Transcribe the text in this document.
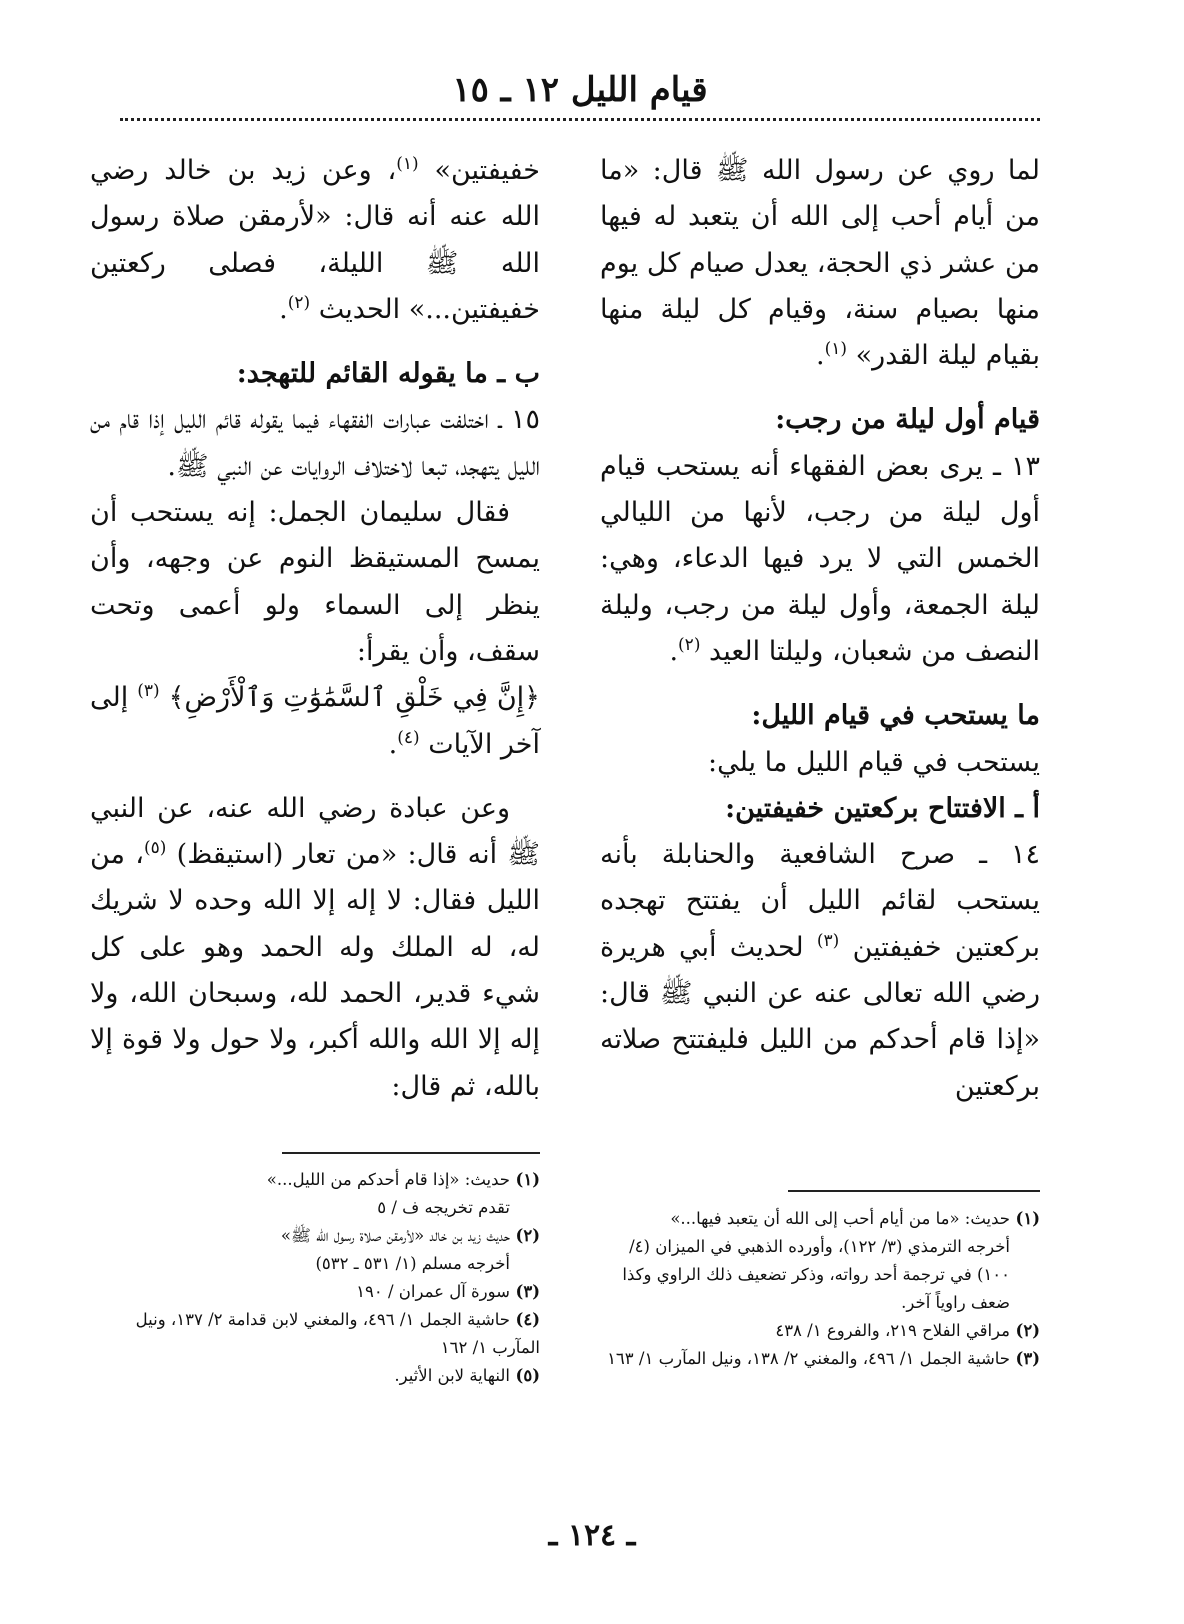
قيام الليل ١٢ ـ ١٥

لما روي عن رسول الله ﷺ قال: «ما من أيام أحب إلى الله أن يتعبد له فيها من عشر ذي الحجة، يعدل صيام كل يوم منها بصيام سنة، وقيام كل ليلة منها بقيام ليلة القدر» $^{(١)}$.

قيام أول ليلة من رجب:

١٣ ـ يرى بعض الفقهاء أنه يستحب قيام أول ليلة من رجب، لأنها من الليالي الخمس التي لا يرد فيها الدعاء، وهي: ليلة الجمعة، وأول ليلة من رجب، وليلة النصف من شعبان، وليلتا العيد $^{(٢)}$.

ما يستحب في قيام الليل:

يستحب في قيام الليل ما يلي:

أ ـ الافتتاح بركعتين خفيفتين:

١٤ ـ صرح الشافعية والحنابلة بأنه يستحب لقائم الليل أن يفتتح تهجده بركعتين خفيفتين $^{(٣)}$ لحديث أبي هريرة رضي الله تعالى عنه عن النبي ﷺ قال: «إذا قام أحدكم من الليل فليفتتح صلاته بركعتين

خفيفتين» $^{(١)}$، وعن زيد بن خالد رضي الله عنه أنه قال: «لأرمقن صلاة رسول الله ﷺ الليلة، فصلى ركعتين خفيفتين...» الحديث $^{(٢)}$.

ب ـ ما يقوله القائم للتهجد:

١٥ ـ اختلفت عبارات الفقهاء فيما يقوله قائم الليل إذا قام من الليل يتهجد، تبعا لاختلاف الروايات عن النبي ﷺ.

فقال سليمان الجمل: إنه يستحب أن يمسح المستيقظ النوم عن وجهه، وأن ينظر إلى السماء ولو أعمى وتحت سقف، وأن يقرأ:

﴿إِنَّ فِي خَلْقِ ٱلسَّمَٰوَٰتِ وَٱلْأَرْضِ﴾ $^{(٣)}$ إلى آخر الآيات $^{(٤)}$.

وعن عبادة رضي الله عنه، عن النبي ﷺ أنه قال: «من تعار (استيقظ) $^{(٥)}$، من الليل فقال: لا إله إلا الله وحده لا شريك له، له الملك وله الحمد وهو على كل شيء قدير، الحمد لله، وسبحان الله، ولا إله إلا الله والله أكبر، ولا حول ولا قوة إلا بالله، ثم قال:

(١)حديث: «ما من أيام أحب إلى الله أن يتعبد فيها...»
أخرجه الترمذي (٣/ ١٢٢)، وأورده الذهبي في الميزان (٤/ ١٠٠) في ترجمة أحد رواته، وذكر تضعيف ذلك الراوي وكذا ضعف راوياً آخر.

(٢)مراقي الفلاح ٢١٩، والفروع ١/ ٤٣٨

(٣)حاشية الجمل ١/ ٤٩٦، والمغني ٢/ ١٣٨، ونيل المآرب ١/ ١٦٣

(١)حديث: «إذا قام أحدكم من الليل...»
تقدم تخريجه ف / ٥

(٢)حديث زيد بن خالد «لأرمقن صلاة رسول الله ﷺ»
أخرجه مسلم (١/ ٥٣١ ـ ٥٣٢)

(٣)سورة آل عمران / ١٩٠

(٤)حاشية الجمل ١/ ٤٩٦، والمغني لابن قدامة ٢/ ١٣٧، ونيل المآرب ١/ ١٦٢

(٥)النهاية لابن الأثير.

ـ ١٢٤ ـ
